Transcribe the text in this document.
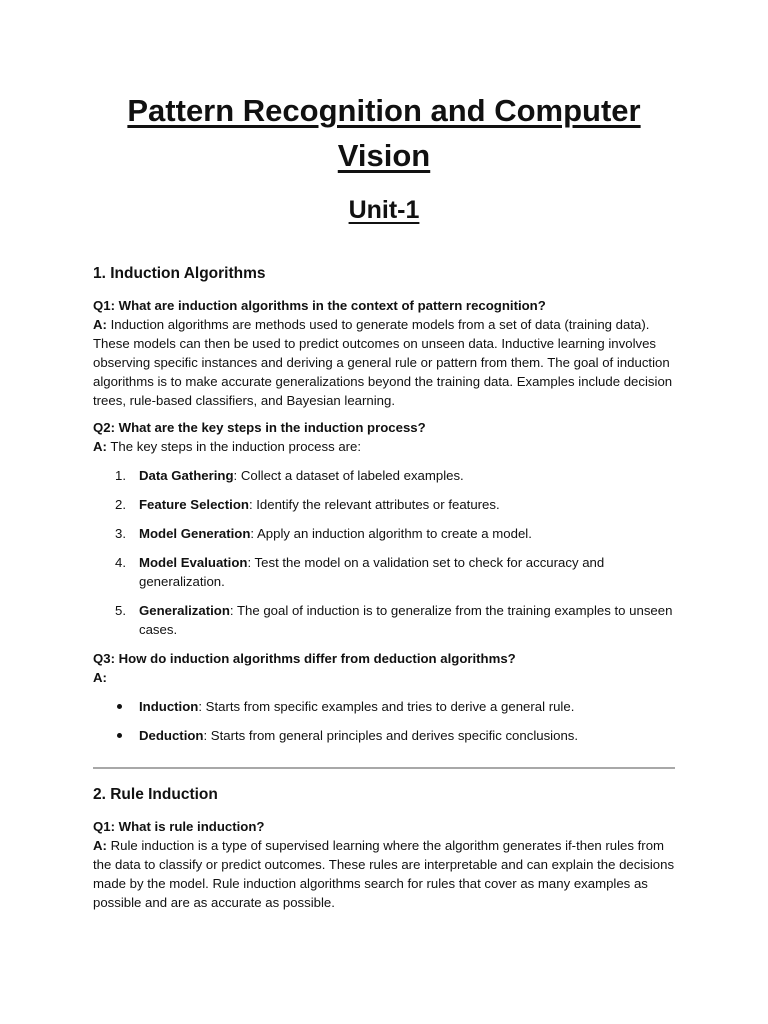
Pattern Recognition and Computer Vision
Unit-1
1. Induction Algorithms

Q1: What are induction algorithms in the context of pattern recognition?
A: Induction algorithms are methods used to generate models from a set of data (training data). These models can then be used to predict outcomes on unseen data. Inductive learning involves observing specific instances and deriving a general rule or pattern from them. The goal of induction algorithms is to make accurate generalizations beyond the training data. Examples include decision trees, rule-based classifiers, and Bayesian learning.

Q2: What are the key steps in the induction process?
A: The key steps in the induction process are:

1. Data Gathering: Collect a dataset of labeled examples.
2. Feature Selection: Identify the relevant attributes or features.
3. Model Generation: Apply an induction algorithm to create a model.
4. Model Evaluation: Test the model on a validation set to check for accuracy and generalization.
5. Generalization: The goal of induction is to generalize from the training examples to unseen cases.

Q3: How do induction algorithms differ from deduction algorithms?
A:

Induction: Starts from specific examples and tries to derive a general rule.
Deduction: Starts from general principles and derives specific conclusions.
2. Rule Induction

Q1: What is rule induction?
A: Rule induction is a type of supervised learning where the algorithm generates if-then rules from the data to classify or predict outcomes. These rules are interpretable and can explain the decisions made by the model. Rule induction algorithms search for rules that cover as many examples as possible and are as accurate as possible.
